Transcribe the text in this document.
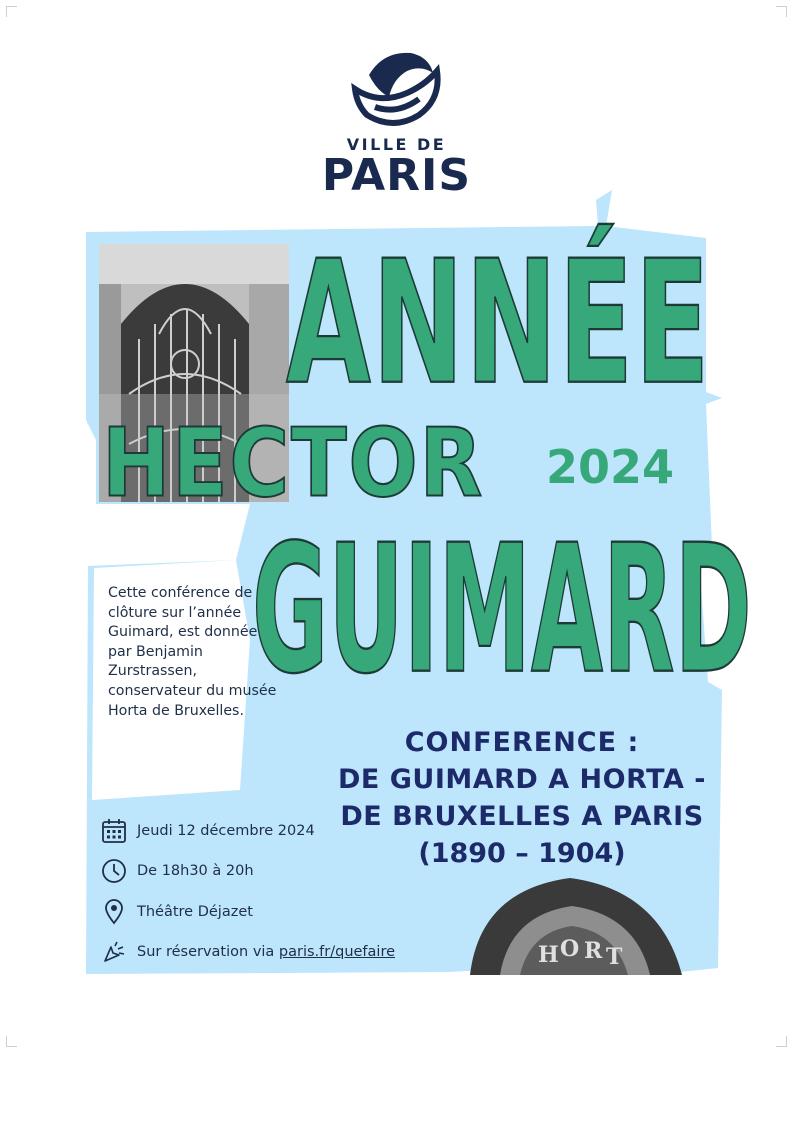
H O R T
VILLE DE
PARIS
ANNÉE
HECTOR 2024
GUIMARD
Cette conférence de clôture sur l’année Guimard, est donnée par Benjamin Zurstrassen, conservateur du musée Horta de Bruxelles.
CONFERENCE :
DE GUIMARD A HORTA -
DE BRUXELLES A PARIS
(1890 – 1904)
Jeudi 12 décembre 2024
De 18h30 à 20h
Théâtre Déjazet
Sur réservation via
paris.fr/quefaire
